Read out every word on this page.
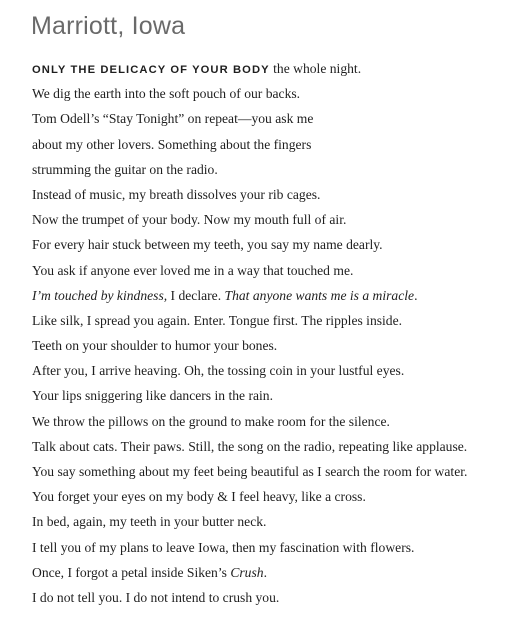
Marriott, Iowa
ONLY THE DELICACY OF YOUR BODY the whole night.
We dig the earth into the soft pouch of our backs.
Tom Odell’s “Stay Tonight” on repeat—you ask me
about my other lovers. Something about the fingers
strumming the guitar on the radio.
Instead of music, my breath dissolves your rib cages.
Now the trumpet of your body. Now my mouth full of air.
For every hair stuck between my teeth, you say my name dearly.
You ask if anyone ever loved me in a way that touched me.
I’m touched by kindness, I declare. That anyone wants me is a miracle.
Like silk, I spread you again. Enter. Tongue first. The ripples inside.
Teeth on your shoulder to humor your bones.
After you, I arrive heaving. Oh, the tossing coin in your lustful eyes.
Your lips sniggering like dancers in the rain.
We throw the pillows on the ground to make room for the silence.
Talk about cats. Their paws. Still, the song on the radio, repeating like applause.
You say something about my feet being beautiful as I search the room for water.
You forget your eyes on my body & I feel heavy, like a cross.
In bed, again, my teeth in your butter neck.
I tell you of my plans to leave Iowa, then my fascination with flowers.
Once, I forgot a petal inside Siken’s Crush.
I do not tell you. I do not intend to crush you.
